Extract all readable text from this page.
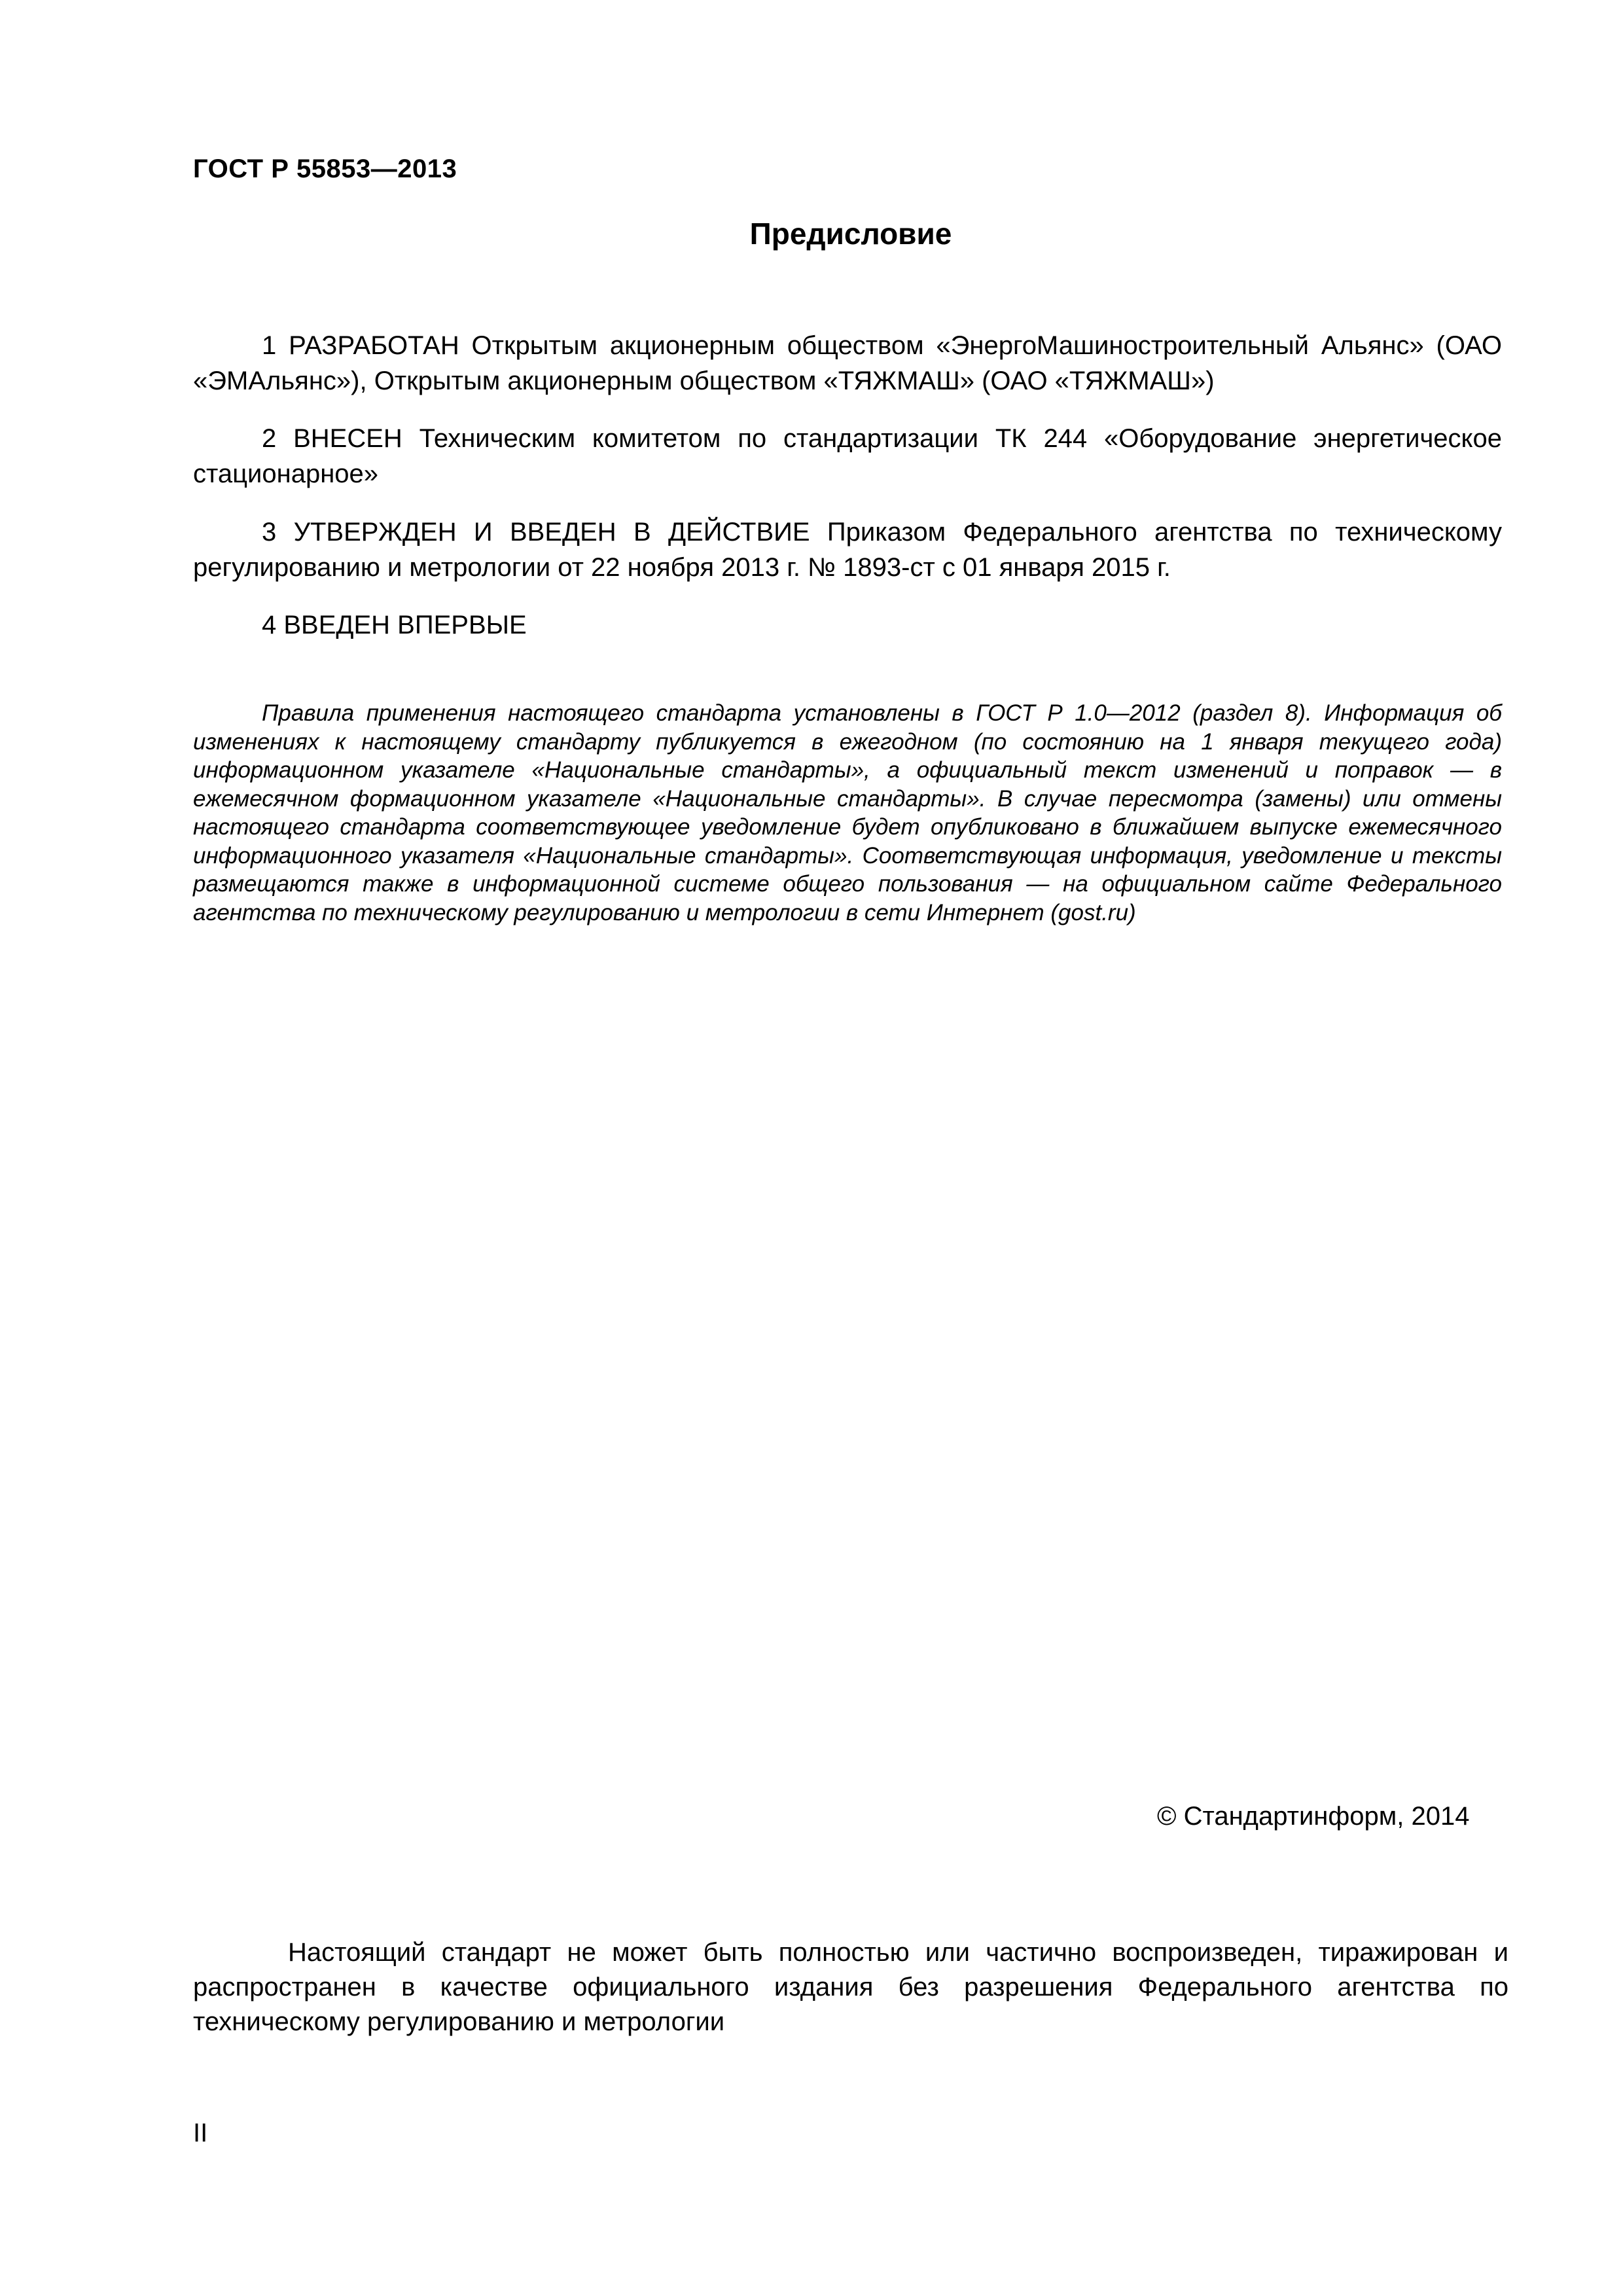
ГОСТ Р 55853—2013
Предисловие
1 РАЗРАБОТАН Открытым акционерным обществом «ЭнергоМашиностроительный Альянс» (ОАО «ЭМАльянс»), Открытым акционерным обществом «ТЯЖМАШ» (ОАО «ТЯЖМАШ»)
2 ВНЕСЕН Техническим комитетом по стандартизации ТК 244 «Оборудование энергетическое стационарное»
3 УТВЕРЖДЕН И ВВЕДЕН В ДЕЙСТВИЕ Приказом Федерального агентства по техническому регулированию и метрологии от 22 ноября 2013 г. № 1893-ст с 01 января 2015 г.
4 ВВЕДЕН ВПЕРВЫЕ
Правила применения настоящего стандарта установлены в ГОСТ Р 1.0—2012 (раздел 8). Информация об изменениях к настоящему стандарту публикуется в ежегодном (по состоянию на 1 января текущего года) информационном указателе «Национальные стандарты», а официальный текст изменений и поправок — в ежемесячном формационном указателе «Национальные стандарты». В случае пересмотра (замены) или отмены настоящего стандарта соответствующее уведомление будет опубликовано в ближайшем выпуске ежемесячного информационного указателя «Национальные стандарты». Соответствующая информация, уведомление и тексты размещаются также в информационной системе общего пользования — на официальном сайте Федерального агентства по техническому регулированию и метрологии в сети Интернет (gost.ru)
© Стандартинформ, 2014
Настоящий стандарт не может быть полностью или частично воспроизведен, тиражирован и распространен в качестве официального издания без разрешения Федерального агентства по техническому регулированию и метрологии
II
